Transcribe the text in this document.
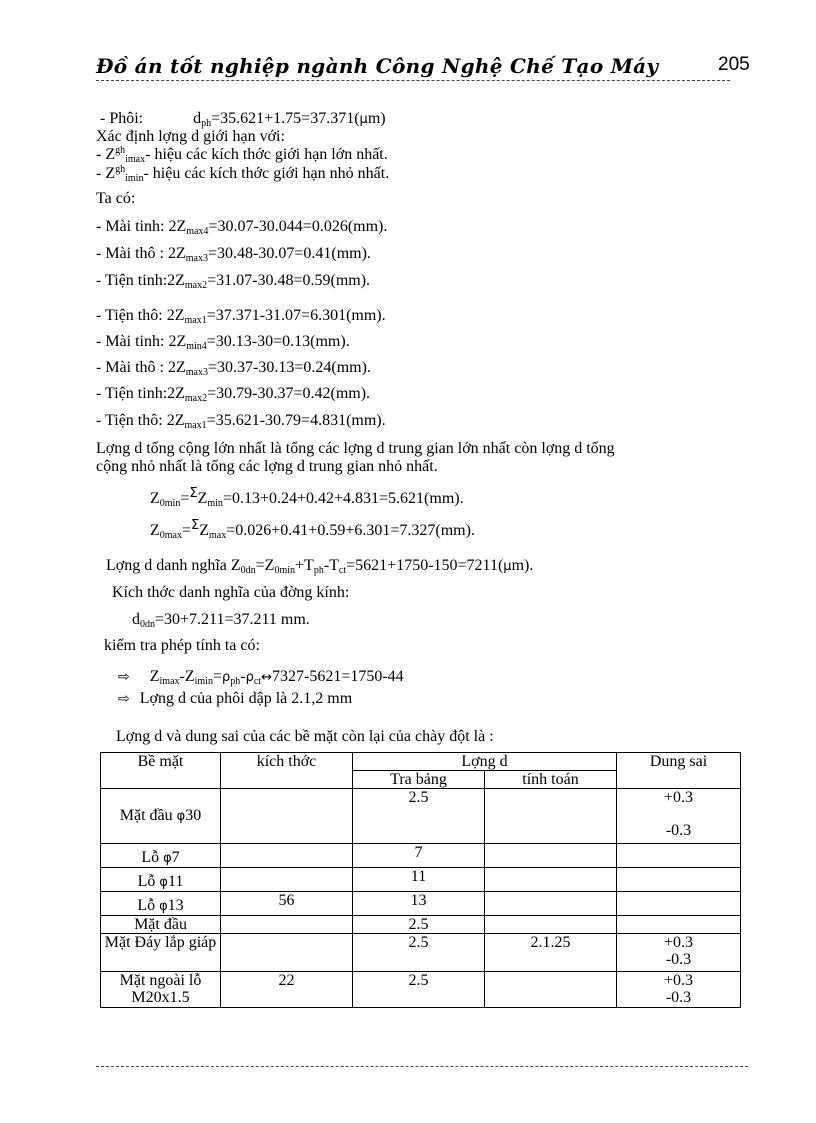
Đồ án tốt nghiệp ngành Công Nghệ Chế Tạo Máy	205
- Phôi:	$d_{ph}=35.621+1.75=37.371(\mu m)$
Xác định lợng d giới hạn với:
- $Z^{gh}_{imax}-$ hiệu các kích thớc giới hạn lớn nhất.
- $Z^{gh}_{imin}-$ hiệu các kích thớc giới hạn nhỏ nhất.
Ta có:
- Mài tinh: $2Z_{max4}=30.07-30.044=0.026(mm)$.
- Mài thô : $2Z_{max3}=30.48-30.07=0.41(mm)$.
- Tiện $tinh:2Z_{max2}=31.07-30.48=0.59(mm)$.
- Tiện thô: $2Z_{max1}=37.371-31.07=6.301(mm)$.
- Mài tinh: $2Z_{min4}=30.13-30=0.13(mm)$.
- Mài thô : $2Z_{max3}=30.37-30.13=0.24(mm)$.
- Tiện $tinh:2Z_{max2}=30.79-30.37=0.42(mm)$.
- Tiện thô: $2Z_{max1}=35.621-30.79=4.831(mm)$.
Lợng d tổng cộng lớn nhất là tổng các lợng d trung gian lớn nhất còn lợng d tổng
cộng nhỏ nhất là tổng các lợng d trung gian nhỏ nhất.
$Z_{0min}=^\Sigma Z_{min}=0.13+0.24+0.42+4.831=5.621(mm)$.
$Z_{0max}=^\Sigma Z_{max}=0.026+0.41+0.59+6.301=7.327(mm)$.
Lợng d danh nghĩa $Z_{0dn}=Z_{0min}+T_{ph}-T_{ct}=5621+1750-150=7211(\mu m)$.
Kích thớc danh nghĩa của đờng kính:
$d_{0dn}=30+7.211=37.211$ mm.
kiểm tra phép tính ta có:
⇨ $Z_{imax}-Z_{imin}=\rho_{ph}-\rho_{ct}\leftrightarrow 7327-5621=1750-44$
⇨ Lợng d của phôi dập là 2.1,2 mm
Lợng d và dung sai của các bề mặt còn lại của chày đột là :
Bề mặt	kích thớc	Lợng d		Dung sai
		Tra bảng	tính toán	
Mặt đầu φ30		2.5		+0.3
-0.3

Lỗ φ7		7		
Lỗ φ11		11		
Lỗ φ13	56	13		
Mặt đầu		2.5		
Mặt Đáy lắp giáp		2.5	2.1.25	+0.3
-0.3

Mặt ngoài lỗ M20x1.5	22	2.5		+0.3
-0.3
